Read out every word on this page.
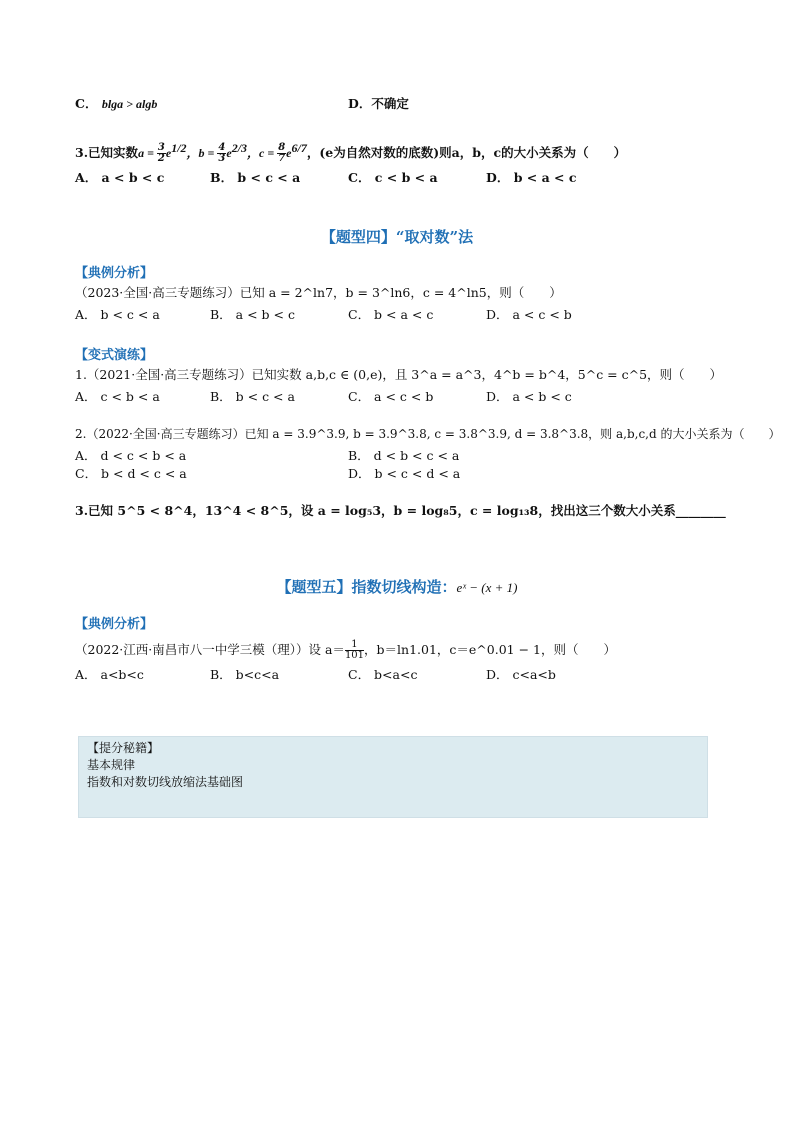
C． blga > algb	D．不确定
3.已知实数$a = \frac{3}{2} e^{1/2}$，$b = \frac{4}{3} e^{2/3}$，$c = \frac{8}{7} e^{6/7}$，(e为自然对数的底数)则a，b，c的大小关系为（　　）
A． a < b < c	B． b < c < a	C． c < b < a	D． b < a < c
【题型四】“取对数”法
【典例分析】
（2023·全国·高三专题练习）已知 a = 2^ln7，b = 3^ln6，c = 4^ln5，则（　　）
A． b < c < a	B． a < b < c	C． b < a < c	D． a < c < b
【变式演练】
1.（2021·全国·高三专题练习）已知实数 a,b,c ∈ (0,e)，且 3^a = a^3，4^b = b^4，5^c = c^5，则（　　）
A． c < b < a	B． b < c < a	C． a < c < b	D． a < b < c
2.（2022·全国·高三专题练习）已知 a = 3.9^3.9, b = 3.9^3.8, c = 3.8^3.9, d = 3.8^3.8，则 a,b,c,d 的大小关系为（　　）
A． d < c < b < a	B． d < b < c < a
C． b < d < c < a	D． b < c < d < a
3.已知 5^5 < 8^4，13^4 < 8^5，设 a = log₅3，b = log₈5，c = log₁₃8，找出这三个数大小关系________
【题型五】指数切线构造：eˣ − (x + 1)
【典例分析】
（2022·江西·南昌市八一中学三模（理））设 $a= \frac{1}{101}$ ，b＝ln1.01，c＝e^0.01 − 1，则（　　）
A． a<b<c	B． b<c<a	C． b<a<c	D． c<a<b
【提分秘籍】
基本规律
指数和对数切线放缩法基础图
